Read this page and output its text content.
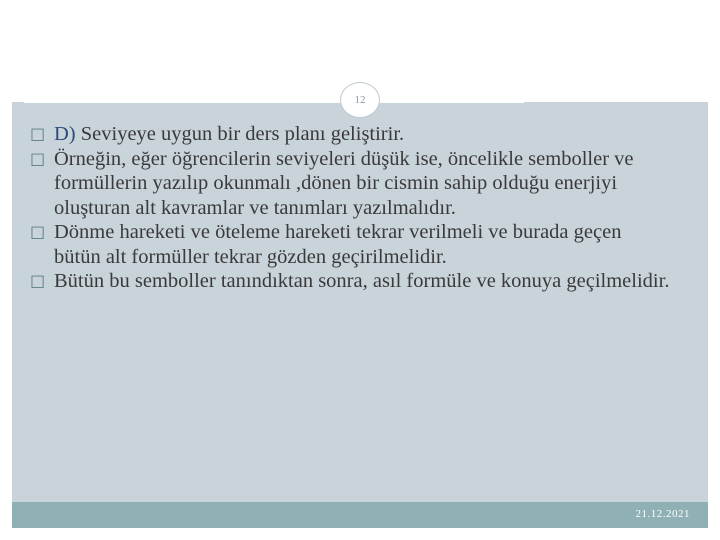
12
☐ D) Seviyeye uygun bir ders planı geliştirir.
☐ Örneğin, eğer öğrencilerin seviyeleri düşük ise, öncelikle semboller ve formüllerin yazılıp okunmalı ,dönen bir cismin sahip olduğu enerjiyi oluşturan alt kavramlar ve tanımları yazılmalıdır.
☐ Dönme hareketi ve öteleme hareketi tekrar verilmeli ve burada geçen bütün alt formüller tekrar gözden geçirilmelidir.
☐ Bütün bu semboller tanındıktan sonra, asıl formüle ve konuya geçilmelidir.
21.12.2021
